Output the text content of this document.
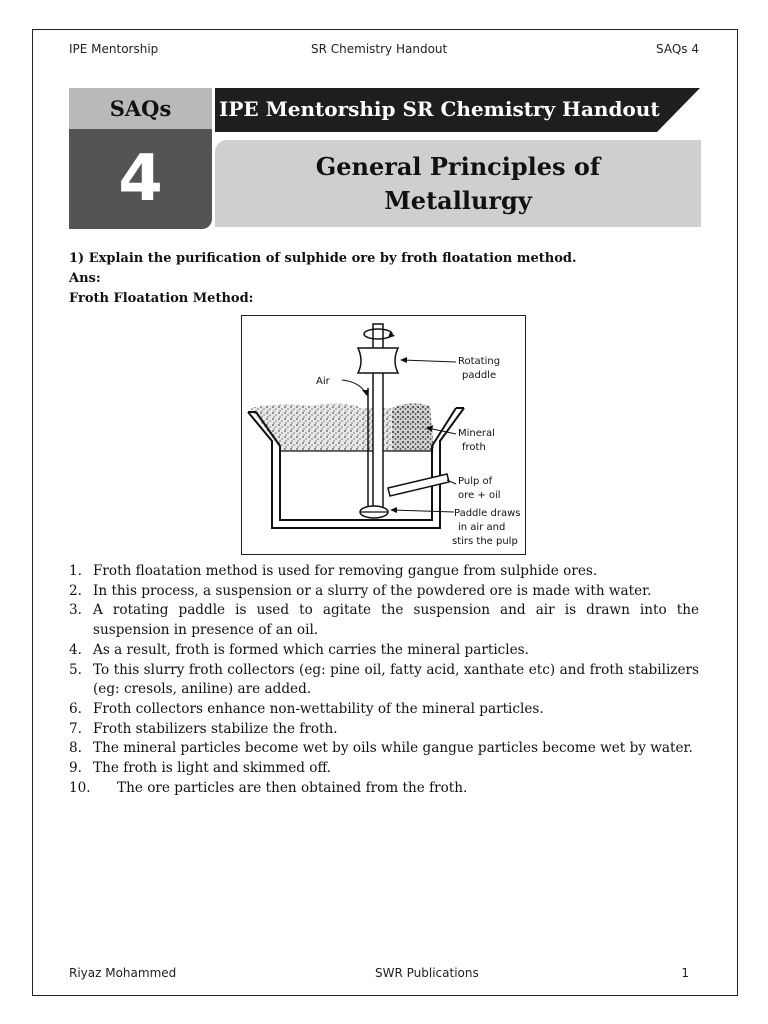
IPE Mentorship	SR Chemistry Handout	SAQs 4
SAQs
4
IPE Mentorship SR Chemistry Handout
General Principles of Metallurgy
1) Explain the purification of sulphide ore by froth floatation method.
Ans:
Froth Floatation Method:
Rotating
paddle
Air
Mineral
froth
Pulp of
ore + oil
Paddle draws
in air and
stirs the pulp
1. Froth floatation method is used for removing gangue from sulphide ores.
2. In this process, a suspension or a slurry of the powdered ore is made with water.
3. A rotating paddle is used to agitate the suspension and air is drawn into the suspension in presence of an oil.
4. As a result, froth is formed which carries the mineral particles.
5. To this slurry froth collectors (eg: pine oil, fatty acid, xanthate etc) and froth stabilizers (eg: cresols, aniline) are added.
6. Froth collectors enhance non-wettability of the mineral particles.
7. Froth stabilizers stabilize the froth.
8. The mineral particles become wet by oils while gangue particles become wet by water.
9. The froth is light and skimmed off.
10.	The ore particles are then obtained from the froth.
Riyaz Mohammed	SWR Publications	1
